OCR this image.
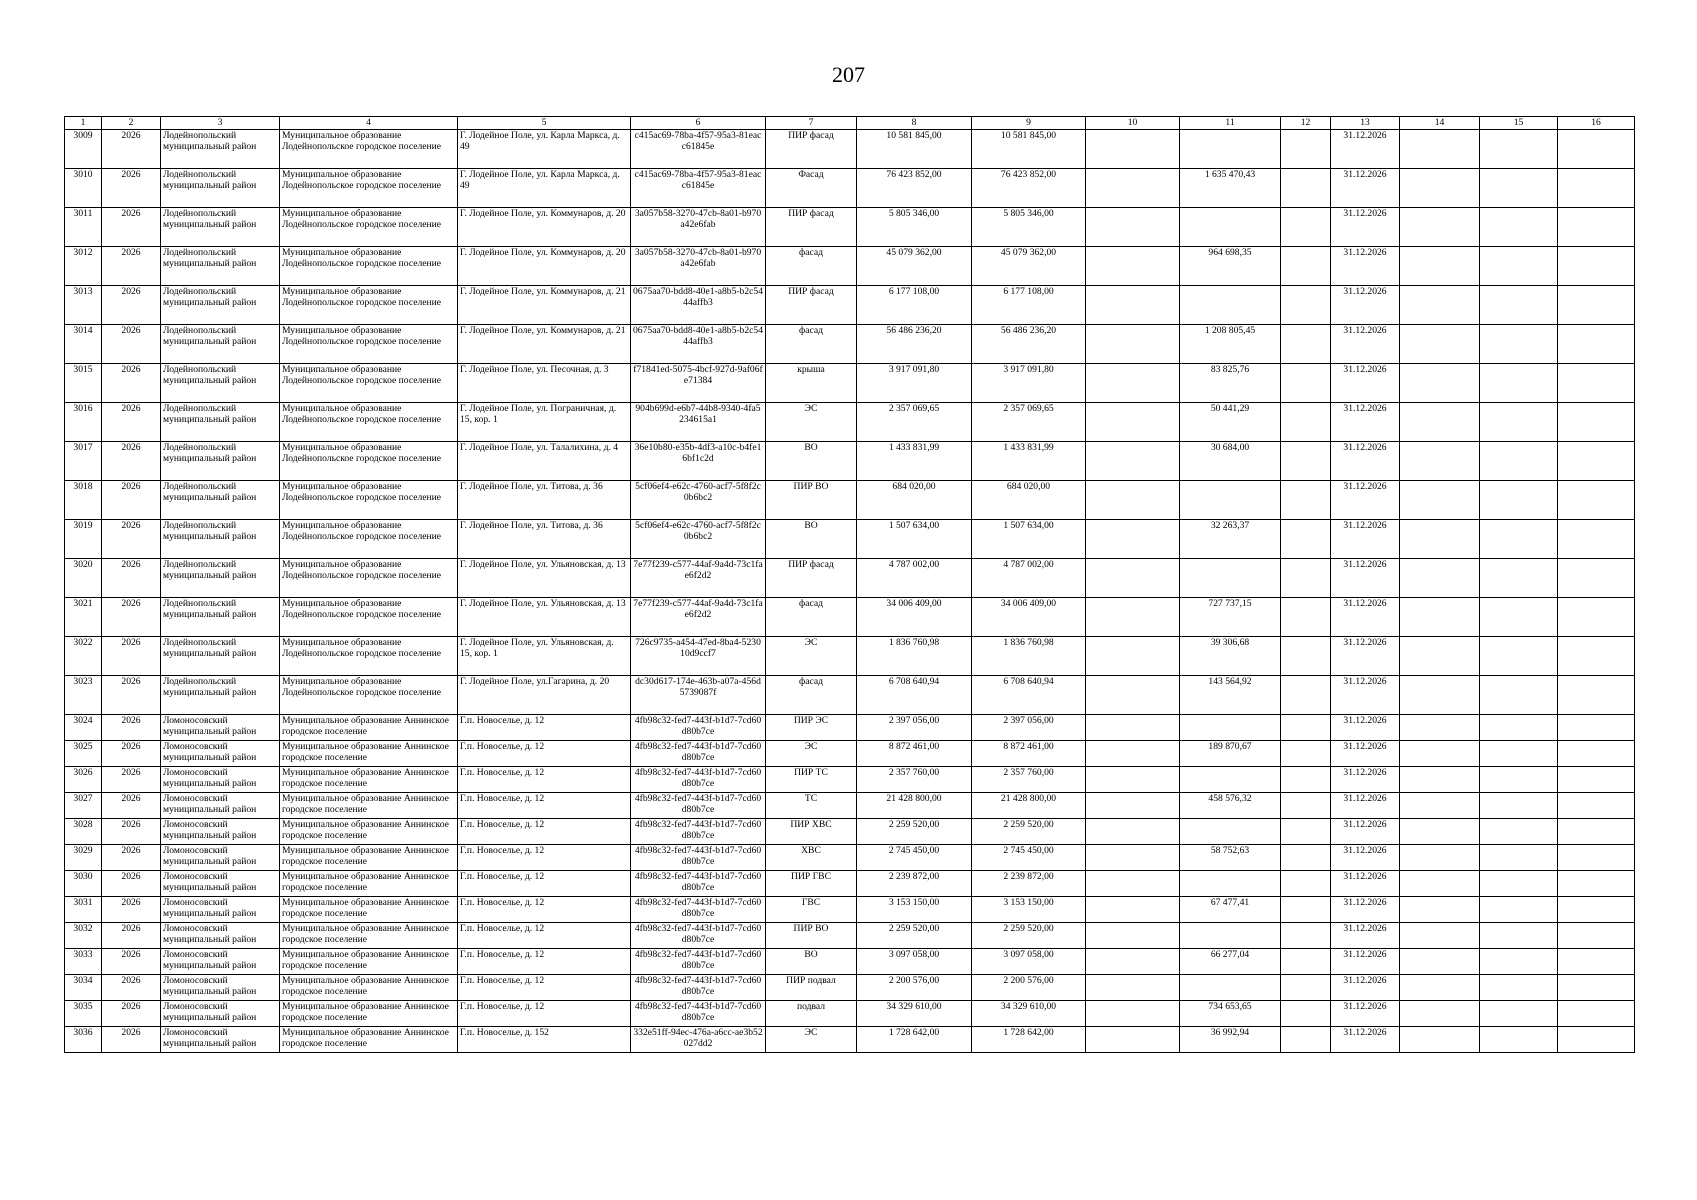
207
1	2	3	4	5	6	7	8	9	10	11	12	13	14	15	16
3009	2026	Лодейнопольский муниципальный район	Муниципальное образование Лодейнопольское городское поселение	Г. Лодейное Поле, ул. Карла Маркса, д. 49	c415ac69-78ba-4f57-95a3-81eacc61845e	ПИР фасад	10 581 845,00	10 581 845,00				31.12.2026			
3010	2026	Лодейнопольский муниципальный район	Муниципальное образование Лодейнопольское городское поселение	Г. Лодейное Поле, ул. Карла Маркса, д. 49	c415ac69-78ba-4f57-95a3-81eacc61845e	Фасад	76 423 852,00	76 423 852,00		1 635 470,43		31.12.2026			
3011	2026	Лодейнопольский муниципальный район	Муниципальное образование Лодейнопольское городское поселение	Г. Лодейное Поле, ул. Коммунаров, д. 20	3a057b58-3270-47cb-8a01-b970a42e6fab	ПИР фасад	5 805 346,00	5 805 346,00				31.12.2026			
3012	2026	Лодейнопольский муниципальный район	Муниципальное образование Лодейнопольское городское поселение	Г. Лодейное Поле, ул. Коммунаров, д. 20	3a057b58-3270-47cb-8a01-b970a42e6fab	фасад	45 079 362,00	45 079 362,00		964 698,35		31.12.2026			
3013	2026	Лодейнопольский муниципальный район	Муниципальное образование Лодейнопольское городское поселение	Г. Лодейное Поле, ул. Коммунаров, д. 21	0675aa70-bdd8-40e1-a8b5-b2c5444affb3	ПИР фасад	6 177 108,00	6 177 108,00				31.12.2026			
3014	2026	Лодейнопольский муниципальный район	Муниципальное образование Лодейнопольское городское поселение	Г. Лодейное Поле, ул. Коммунаров, д. 21	0675aa70-bdd8-40e1-a8b5-b2c5444affb3	фасад	56 486 236,20	56 486 236,20		1 208 805,45		31.12.2026			
3015	2026	Лодейнопольский муниципальный район	Муниципальное образование Лодейнопольское городское поселение	Г. Лодейное Поле, ул. Песочная, д. 3	f71841ed-5075-4bcf-927d-9af06fe71384	крыша	3 917 091,80	3 917 091,80		83 825,76		31.12.2026			
3016	2026	Лодейнопольский муниципальный район	Муниципальное образование Лодейнопольское городское поселение	Г. Лодейное Поле, ул. Пограничная, д. 15, кор. 1	904b699d-e6b7-44b8-9340-4fa5234615a1	ЭС	2 357 069,65	2 357 069,65		50 441,29		31.12.2026			
3017	2026	Лодейнопольский муниципальный район	Муниципальное образование Лодейнопольское городское поселение	Г. Лодейное Поле, ул. Талалихина, д. 4	36e10b80-e35b-4df3-a10c-b4fe16bf1c2d	ВО	1 433 831,99	1 433 831,99		30 684,00		31.12.2026			
3018	2026	Лодейнопольский муниципальный район	Муниципальное образование Лодейнопольское городское поселение	Г. Лодейное Поле, ул. Титова, д. 36	5cf06ef4-e62c-4760-acf7-5f8f2c0b6bc2	ПИР ВО	684 020,00	684 020,00				31.12.2026			
3019	2026	Лодейнопольский муниципальный район	Муниципальное образование Лодейнопольское городское поселение	Г. Лодейное Поле, ул. Титова, д. 36	5cf06ef4-e62c-4760-acf7-5f8f2c0b6bc2	ВО	1 507 634,00	1 507 634,00		32 263,37		31.12.2026			
3020	2026	Лодейнопольский муниципальный район	Муниципальное образование Лодейнопольское городское поселение	Г. Лодейное Поле, ул. Ульяновская, д. 13	7e77f239-c577-44af-9a4d-73c1fae6f2d2	ПИР фасад	4 787 002,00	4 787 002,00				31.12.2026			
3021	2026	Лодейнопольский муниципальный район	Муниципальное образование Лодейнопольское городское поселение	Г. Лодейное Поле, ул. Ульяновская, д. 13	7e77f239-c577-44af-9a4d-73c1fae6f2d2	фасад	34 006 409,00	34 006 409,00		727 737,15		31.12.2026			
3022	2026	Лодейнопольский муниципальный район	Муниципальное образование Лодейнопольское городское поселение	Г. Лодейное Поле, ул. Ульяновская, д. 15, кор. 1	726c9735-a454-47ed-8ba4-523010d9ccf7	ЭС	1 836 760,98	1 836 760,98		39 306,68		31.12.2026			
3023	2026	Лодейнопольский муниципальный район	Муниципальное образование Лодейнопольское городское поселение	Г. Лодейное Поле, ул.Гагарина, д. 20	dc30d617-174e-463b-a07a-456d5739087f	фасад	6 708 640,94	6 708 640,94		143 564,92		31.12.2026			
3024	2026	Ломоносовский муниципальный район	Муниципальное образование Аннинское городское поселение	Г.п. Новоселье, д. 12	4fb98c32-fed7-443f-b1d7-7cd60d80b7ce	ПИР ЭС	2 397 056,00	2 397 056,00				31.12.2026			
3025	2026	Ломоносовский муниципальный район	Муниципальное образование Аннинское городское поселение	Г.п. Новоселье, д. 12	4fb98c32-fed7-443f-b1d7-7cd60d80b7ce	ЭС	8 872 461,00	8 872 461,00		189 870,67		31.12.2026			
3026	2026	Ломоносовский муниципальный район	Муниципальное образование Аннинское городское поселение	Г.п. Новоселье, д. 12	4fb98c32-fed7-443f-b1d7-7cd60d80b7ce	ПИР ТС	2 357 760,00	2 357 760,00				31.12.2026			
3027	2026	Ломоносовский муниципальный район	Муниципальное образование Аннинское городское поселение	Г.п. Новоселье, д. 12	4fb98c32-fed7-443f-b1d7-7cd60d80b7ce	ТС	21 428 800,00	21 428 800,00		458 576,32		31.12.2026			
3028	2026	Ломоносовский муниципальный район	Муниципальное образование Аннинское городское поселение	Г.п. Новоселье, д. 12	4fb98c32-fed7-443f-b1d7-7cd60d80b7ce	ПИР ХВС	2 259 520,00	2 259 520,00				31.12.2026			
3029	2026	Ломоносовский муниципальный район	Муниципальное образование Аннинское городское поселение	Г.п. Новоселье, д. 12	4fb98c32-fed7-443f-b1d7-7cd60d80b7ce	ХВС	2 745 450,00	2 745 450,00		58 752,63		31.12.2026			
3030	2026	Ломоносовский муниципальный район	Муниципальное образование Аннинское городское поселение	Г.п. Новоселье, д. 12	4fb98c32-fed7-443f-b1d7-7cd60d80b7ce	ПИР ГВС	2 239 872,00	2 239 872,00				31.12.2026			
3031	2026	Ломоносовский муниципальный район	Муниципальное образование Аннинское городское поселение	Г.п. Новоселье, д. 12	4fb98c32-fed7-443f-b1d7-7cd60d80b7ce	ГВС	3 153 150,00	3 153 150,00		67 477,41		31.12.2026			
3032	2026	Ломоносовский муниципальный район	Муниципальное образование Аннинское городское поселение	Г.п. Новоселье, д. 12	4fb98c32-fed7-443f-b1d7-7cd60d80b7ce	ПИР ВО	2 259 520,00	2 259 520,00				31.12.2026			
3033	2026	Ломоносовский муниципальный район	Муниципальное образование Аннинское городское поселение	Г.п. Новоселье, д. 12	4fb98c32-fed7-443f-b1d7-7cd60d80b7ce	ВО	3 097 058,00	3 097 058,00		66 277,04		31.12.2026			
3034	2026	Ломоносовский муниципальный район	Муниципальное образование Аннинское городское поселение	Г.п. Новоселье, д. 12	4fb98c32-fed7-443f-b1d7-7cd60d80b7ce	ПИР подвал	2 200 576,00	2 200 576,00				31.12.2026			
3035	2026	Ломоносовский муниципальный район	Муниципальное образование Аннинское городское поселение	Г.п. Новоселье, д. 12	4fb98c32-fed7-443f-b1d7-7cd60d80b7ce	подвал	34 329 610,00	34 329 610,00		734 653,65		31.12.2026			
3036	2026	Ломоносовский муниципальный район	Муниципальное образование Аннинское городское поселение	Г.п. Новоселье, д. 152	332e51ff-94ec-476a-a6cc-ae3b52027dd2	ЭС	1 728 642,00	1 728 642,00		36 992,94		31.12.2026			
